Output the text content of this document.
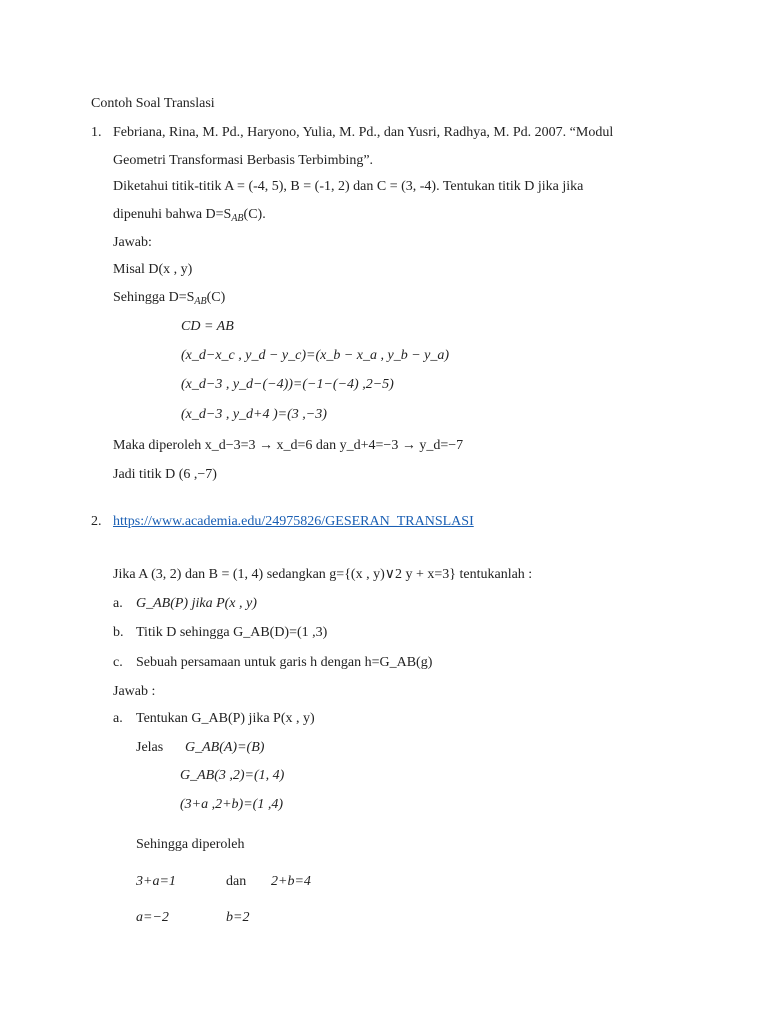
Contoh Soal Translasi
1. Febriana, Rina, M. Pd., Haryono, Yulia, M. Pd., dan Yusri, Radhya, M. Pd. 2007. “Modul
Geometri Transformasi Berbasis Terbimbing”.
Diketahui titik-titik A = (-4, 5), B = (-1, 2) dan C = (3, -4). Tentukan titik D jika jika
dipenuhi bahwa $D=S_{AB}(C)$.
Jawab:
Misal D(x , y)
Sehingga $D=S_{AB}(C)$
CD = AB
(x_d−x_c , y_d − y_c)=(x_b − x_a , y_b − y_a)
(x_d−3 , y_d−(−4))=(−1−(−4) ,2−5)
(x_d−3 , y_d+4 )=(3 ,−3)
Maka diperoleh x_d−3=3 → x_d=6 dan y_d+4=−3 → y_d=−7
Jadi titik D (6 ,−7)
2. https://www.academia.edu/24975826/GESERAN_TRANSLASI
Jika A (3, 2) dan B = (1, 4) sedangkan g={(x , y)∨2 y + x=3} tentukanlah :
a. G_AB(P) jika P(x , y)
b. Titik D sehingga G_AB(D)=(1 ,3)
c. Sebuah persamaan untuk garis h dengan h=G_AB(g)
Jawab :
a. Tentukan G_AB(P) jika P(x , y)
Jelas G_AB(A)=(B)
G_AB(3 ,2)=(1, 4)
(3+a ,2+b)=(1 ,4)
Sehingga diperoleh
3+a=1	dan 2+b=4
a=−2	b=2
